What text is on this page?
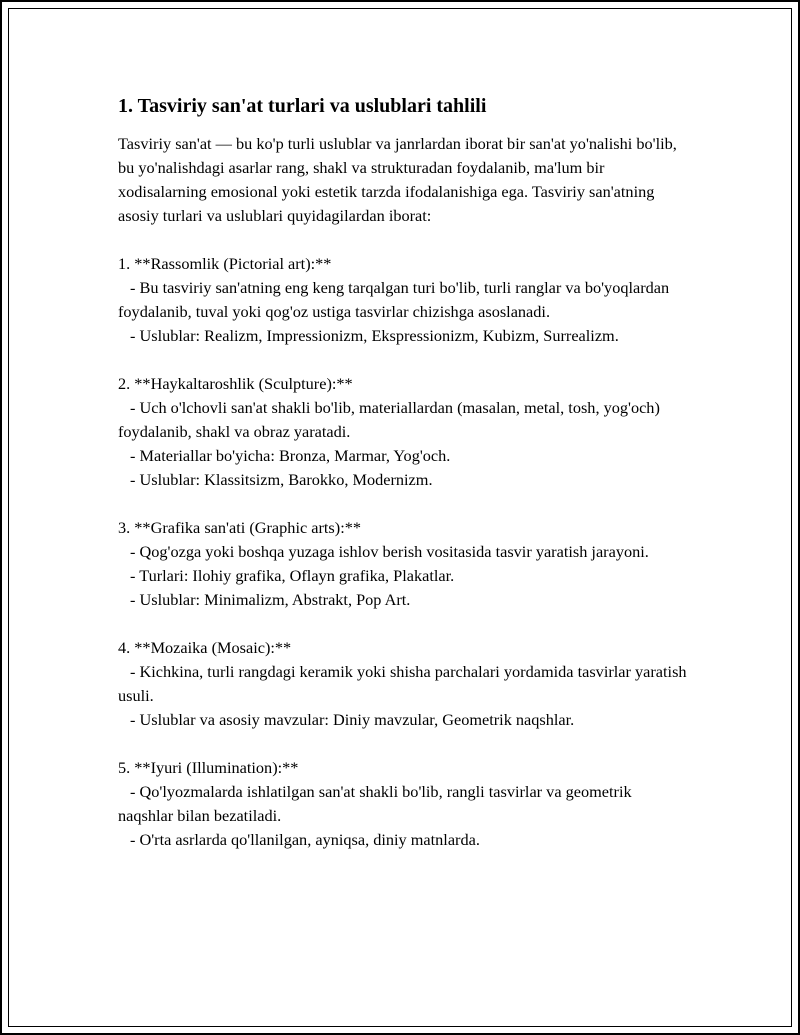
1. Tasviriy san'at turlari va uslublari tahlili

Tasviriy san'at — bu ko'p turli uslublar va janrlardan iborat bir san'at yo'nalishi bo'lib, bu yo'nalishdagi asarlar rang, shakl va strukturadan foydalanib, ma'lum bir xodisalarning emosional yoki estetik tarzda ifodalanishiga ega. Tasviriy san'atning asosiy turlari va uslublari quyidagilardan iborat:

1. **Rassomlik (Pictorial art):**
- Bu tasviriy san'atning eng keng tarqalgan turi bo'lib, turli ranglar va bo'yoqlardan foydalanib, tuval yoki qog'oz ustiga tasvirlar chizishga asoslanadi.
- Uslublar: Realizm, Impressionizm, Ekspressionizm, Kubizm, Surrealizm.
2. **Haykaltaroshlik (Sculpture):**
- Uch o'lchovli san'at shakli bo'lib, materiallardan (masalan, metal, tosh, yog'och) foydalanib, shakl va obraz yaratadi.
- Materiallar bo'yicha: Bronza, Marmar, Yog'och.
- Uslublar: Klassitsizm, Barokko, Modernizm.
3. **Grafika san'ati (Graphic arts):**
- Qog'ozga yoki boshqa yuzaga ishlov berish vositasida tasvir yaratish jarayoni.
- Turlari: Ilohiy grafika, Oflayn grafika, Plakatlar.
- Uslublar: Minimalizm, Abstrakt, Pop Art.
4. **Mozaika (Mosaic):**
- Kichkina, turli rangdagi keramik yoki shisha parchalari yordamida tasvirlar yaratish usuli.
- Uslublar va asosiy mavzular: Diniy mavzular, Geometrik naqshlar.
5. **Iyuri (Illumination):**
- Qo'lyozmalarda ishlatilgan san'at shakli bo'lib, rangli tasvirlar va geometrik naqshlar bilan bezatiladi.
- O'rta asrlarda qo'llanilgan, ayniqsa, diniy matnlarda.
